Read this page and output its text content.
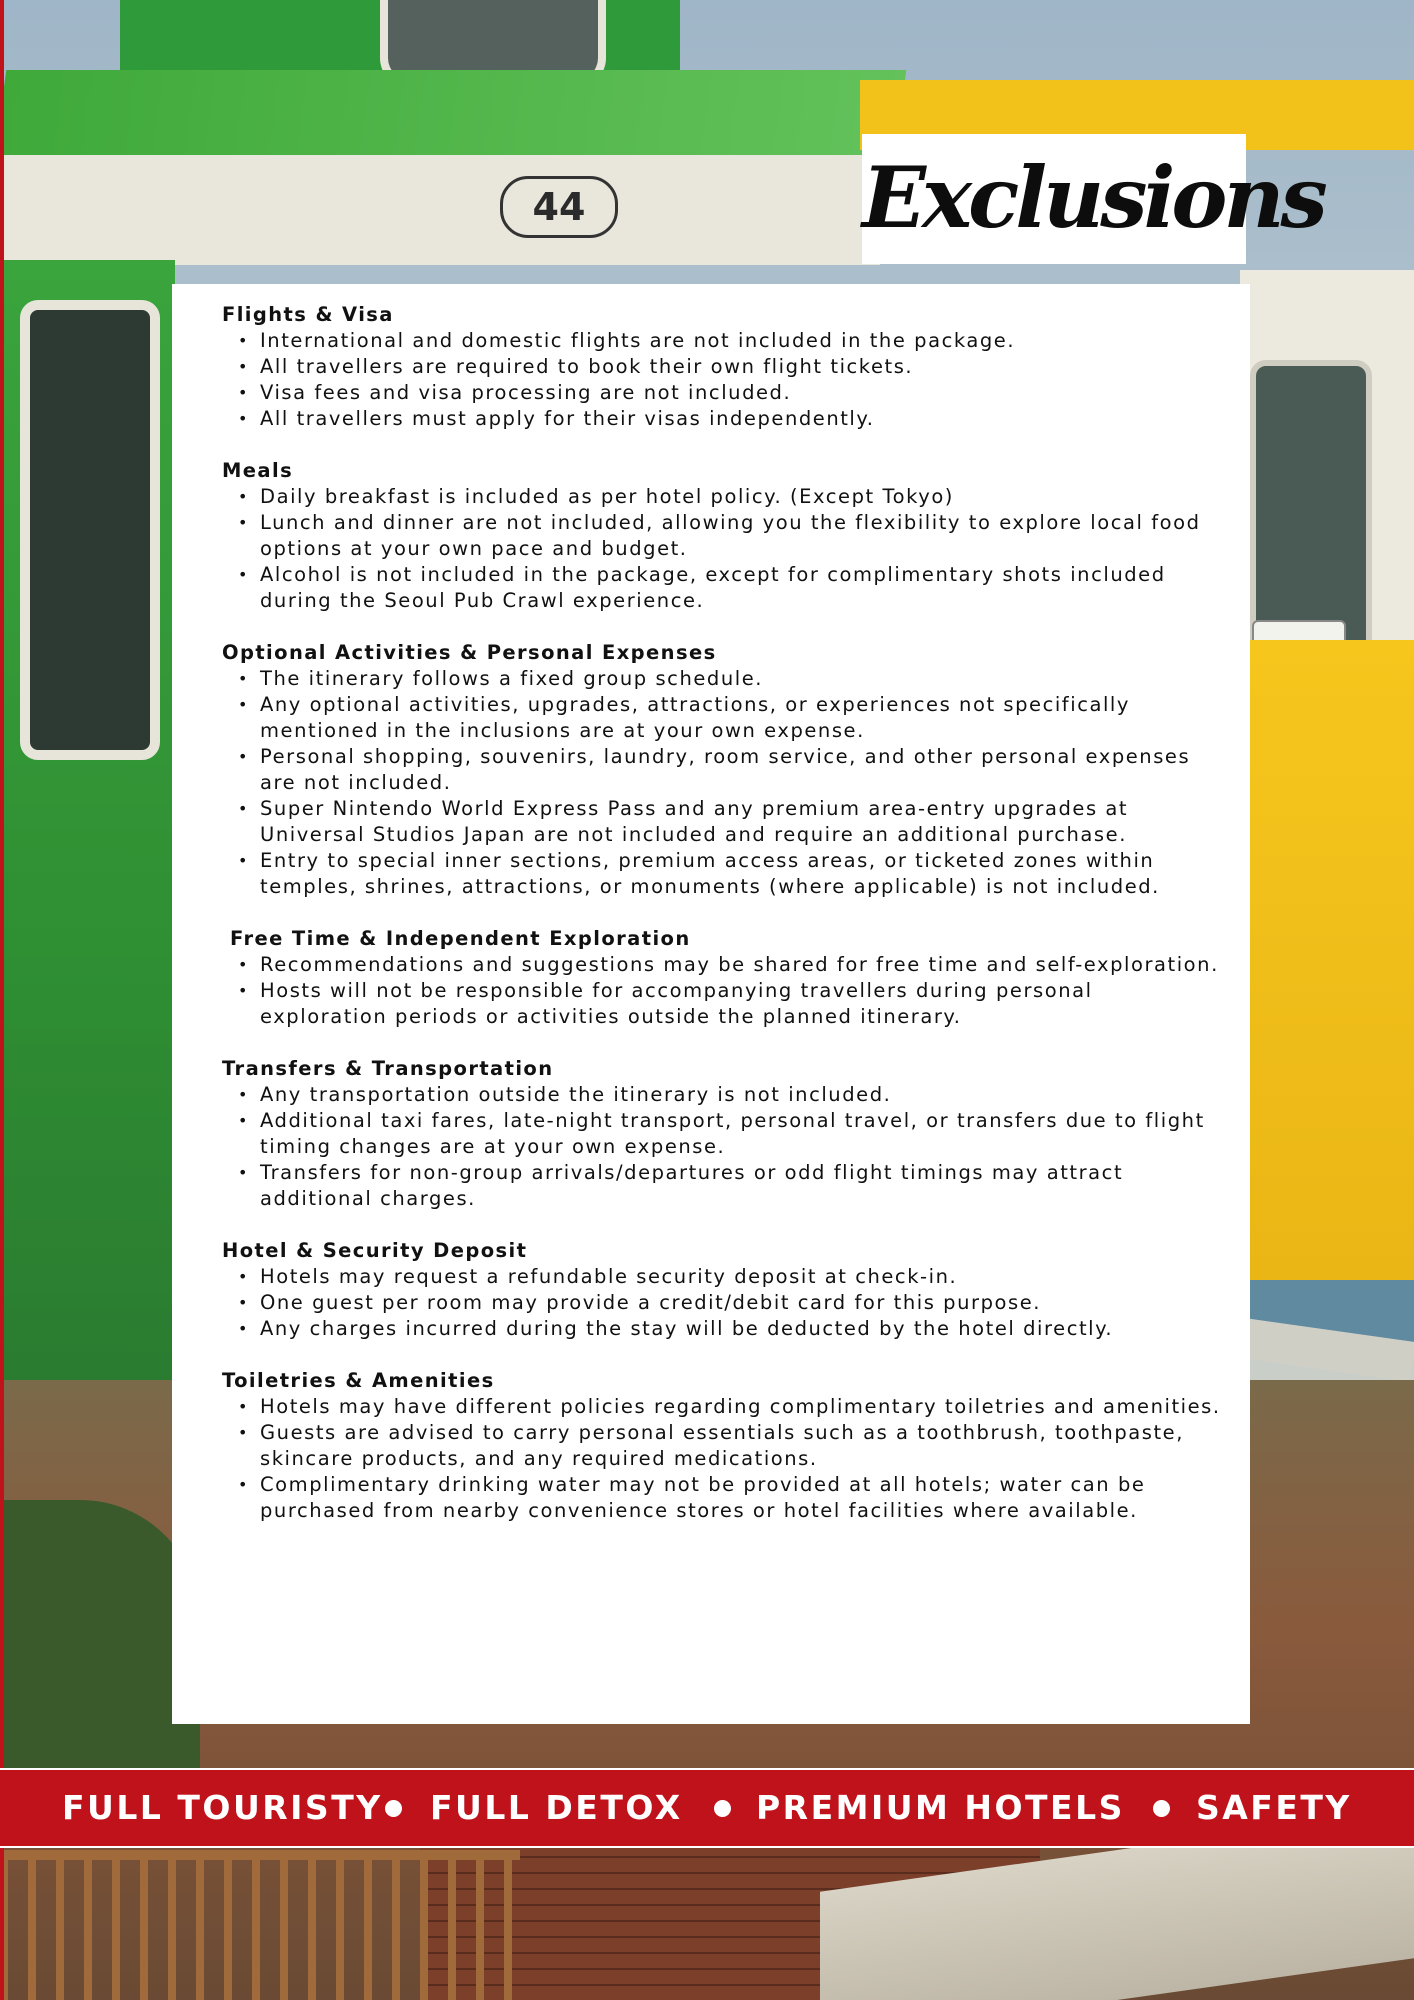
44	Exclusions
Flights & Visa
• International and domestic flights are not included in the package.
• All travellers are required to book their own flight tickets.
• Visa fees and visa processing are not included.
• All travellers must apply for their visas independently.
Meals
• Daily breakfast is included as per hotel policy. (Except Tokyo)
• Lunch and dinner are not included, allowing you the flexibility to explore local food options at your own pace and budget.
• Alcohol is not included in the package, except for complimentary shots included during the Seoul Pub Crawl experience.
Optional Activities & Personal Expenses
• The itinerary follows a fixed group schedule.
• Any optional activities, upgrades, attractions, or experiences not specifically mentioned in the inclusions are at your own expense.
• Personal shopping, souvenirs, laundry, room service, and other personal expenses are not included.
• Super Nintendo World Express Pass and any premium area-entry upgrades at Universal Studios Japan are not included and require an additional purchase.
• Entry to special inner sections, premium access areas, or ticketed zones within temples, shrines, attractions, or monuments (where applicable) is not included.
Free Time & Independent Exploration
• Recommendations and suggestions may be shared for free time and self-exploration.
• Hosts will not be responsible for accompanying travellers during personal exploration periods or activities outside the planned itinerary.
Transfers & Transportation
• Any transportation outside the itinerary is not included.
• Additional taxi fares, late-night transport, personal travel, or transfers due to flight timing changes are at your own expense.
• Transfers for non-group arrivals/departures or odd flight timings may attract additional charges.
Hotel & Security Deposit
• Hotels may request a refundable security deposit at check-in.
• One guest per room may provide a credit/debit card for this purpose.
• Any charges incurred during the stay will be deducted by the hotel directly.
Toiletries & Amenities
• Hotels may have different policies regarding complimentary toiletries and amenities.
• Guests are advised to carry personal essentials such as a toothbrush, toothpaste, skincare products, and any required medications.
• Complimentary drinking water may not be provided at all hotels; water can be purchased from nearby convenience stores or hotel facilities where available.
FULL TOURISTY FULL DETOX PREMIUM HOTELS SAFETY
